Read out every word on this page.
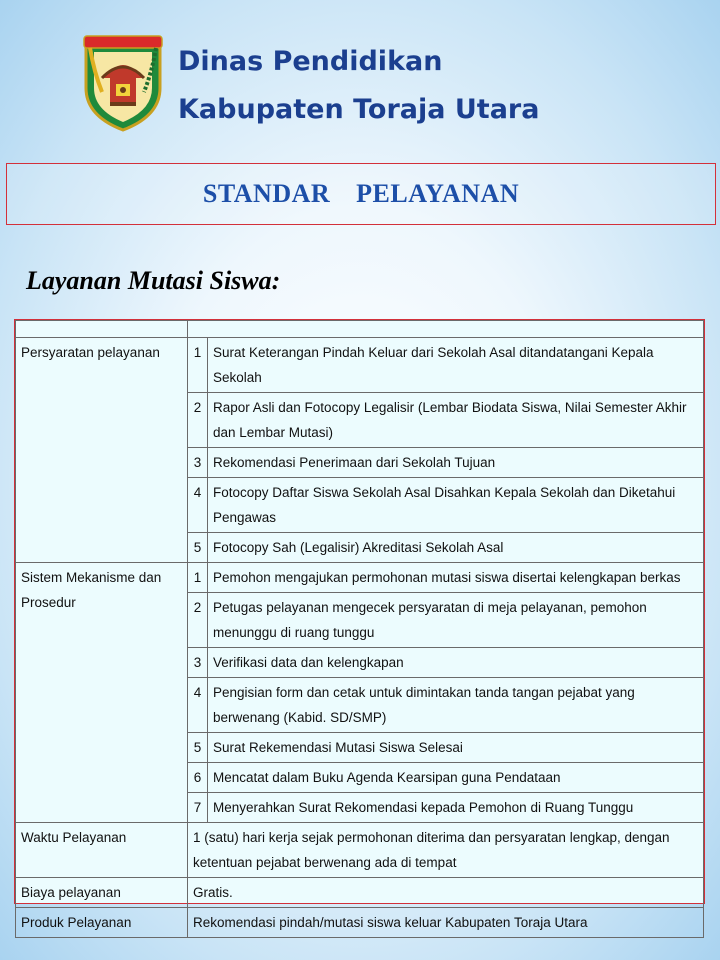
Dinas Pendidikan
Kabupaten Toraja Utara
STANDAR  PELAYANAN
Layanan Mutasi Siswa:

Persyaratan pelayanan	1	Surat Keterangan Pindah Keluar dari Sekolah Asal ditandatangani Kepala Sekolah
	2	Rapor Asli dan Fotocopy Legalisir (Lembar Biodata Siswa, Nilai Semester Akhir dan Lembar Mutasi)
	3	Rekomendasi Penerimaan dari Sekolah Tujuan
	4	Fotocopy Daftar Siswa Sekolah Asal Disahkan Kepala Sekolah dan Diketahui Pengawas
	5	Fotocopy Sah (Legalisir) Akreditasi Sekolah Asal
Sistem Mekanisme dan Prosedur	1	Pemohon mengajukan permohonan mutasi siswa disertai kelengkapan berkas
	2	Petugas pelayanan mengecek persyaratan di meja pelayanan, pemohon menunggu di ruang tunggu
	3	Verifikasi data dan kelengkapan
	4	Pengisian form dan cetak untuk dimintakan tanda tangan pejabat yang berwenang (Kabid. SD/SMP)
	5	Surat Rekemendasi Mutasi Siswa Selesai
	6	Mencatat dalam Buku Agenda Kearsipan guna Pendataan
	7	Menyerahkan Surat Rekomendasi kepada Pemohon di Ruang Tunggu
Waktu Pelayanan	1 (satu) hari kerja sejak permohonan diterima dan persyaratan lengkap, dengan ketentuan pejabat berwenang ada di tempat	
Biaya pelayanan	Gratis.	
Produk Pelayanan	Rekomendasi pindah/mutasi siswa keluar Kabupaten Toraja Utara	
